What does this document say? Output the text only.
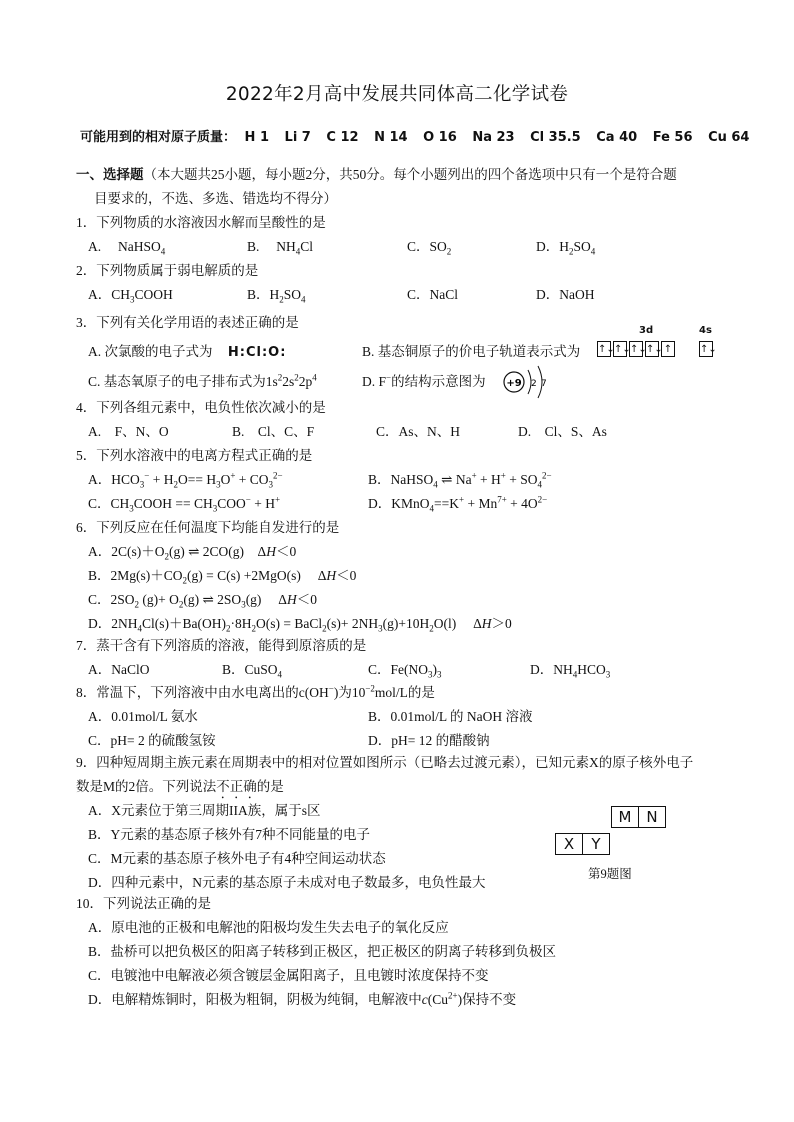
2022年2月高中发展共同体高二化学试卷
可能用到的相对原子质量： H 1 Li 7 C 12 N 14 O 16 Na 23 Cl 35.5 Ca 40 Fe 56 Cu 64
一、选择题（本大题共25小题，每小题2分，共50分。每个小题列出的四个备选项中只有一个是符合题
目要求的，不选、多选、错选均不得分）
1．下列物质的水溶液因水解而呈酸性的是
A.　 NaHSO$_4$	B.　 $NH_4Cl$	C．$SO_2$	D．$H_2SO_4$
2．下列物质属于弱电解质的是
A．$CH_3COOH$	B．$H_2SO_4$	C．NaCl	D．NaOH
3．下列有关化学用语的表述正确的是
A. 次氯酸的电子式为 H:Cl:O:	B. 基态铜原子的价电子轨道表示式为
3d	4s
↑↓ ↑↓ ↑↓ ↑↓ ↑	↑↓
C. 基态氧原子的电子排布式为$1s^22s^22p^4$	D. F−的结构示意图为 +9 2 7
4．下列各组元素中，电负性依次减小的是
A.　F、N、O	B.　Cl、C、F	C．As、N、H	D.　Cl、S、As
5．下列水溶液中的电离方程式正确的是
A．$HCO_3^- + H_2O== H_3O^+ + CO_3^{2-}$	B．NaHSO$_4$ ⇌ $Na^+ + H^+ + SO_4^{2-}$
C．$CH_3COOH == CH_3COO^- + H^+$	D．KMnO$_4$==K+ + $Mn^{7+} + 4O^{2-}$
6．下列反应在任何温度下均能自发进行的是
A．$2C(s)+O_2(g)$ ⇌ 2CO(g)　ΔH＜0
B．$2Mg(s)+CO_2(g) = C(s) +2MgO(s)$　 ΔH＜0
C．$2SO_2$ $(g)+ O_2(g)$ ⇌ $2SO_3(g)$　 ΔH＜0
D．$2NH_4Cl(s)+Ba(OH)_2\cdot 8H_2O(s)$ = BaCl$_2$(s)+ $2NH_3(g)+10H_2O(l)$　 ΔH＞0
7．蒸干含有下列溶质的溶液，能得到原溶质的是
A．NaClO	B．CuSO$_4$	C．$Fe(NO_3)_3$	D．$NH_4HCO_3$
8．常温下，下列溶液中由水电离出的c(OH−)为$10^{-2}mol/L$的是
A．0.01mol/L 氨水	B．0.01mol/L 的 NaOH 溶液
C．pH= 2 的硫酸氢铵	D．pH= 12 的醋酸钠
9．四种短周期主族元素在周期表中的相对位置如图所示（已略去过渡元素），已知元素X的原子核外电子
数是M的2倍。下列说法不正确的是
A．X元素位于第三周期IIA族，属于s区
B．Y元素的基态原子核外有7种不同能量的电子
C．M元素的基态原子核外电子有4种空间运动状态
D．四种元素中，N元素的基态原子未成对电子数最多，电负性最大
M N
X	Y
第9题图
10．下列说法正确的是
A．原电池的正极和电解池的阳极均发生失去电子的氧化反应
B．盐桥可以把负极区的阳离子转移到正极区，把正极区的阴离子转移到负极区
C．电镀池中电解液必须含镀层金属阳离子，且电镀时浓度保持不变
D．电解精炼铜时，阳极为粗铜，阴极为纯铜，电解液中$c(Cu^{2+})$保持不变
